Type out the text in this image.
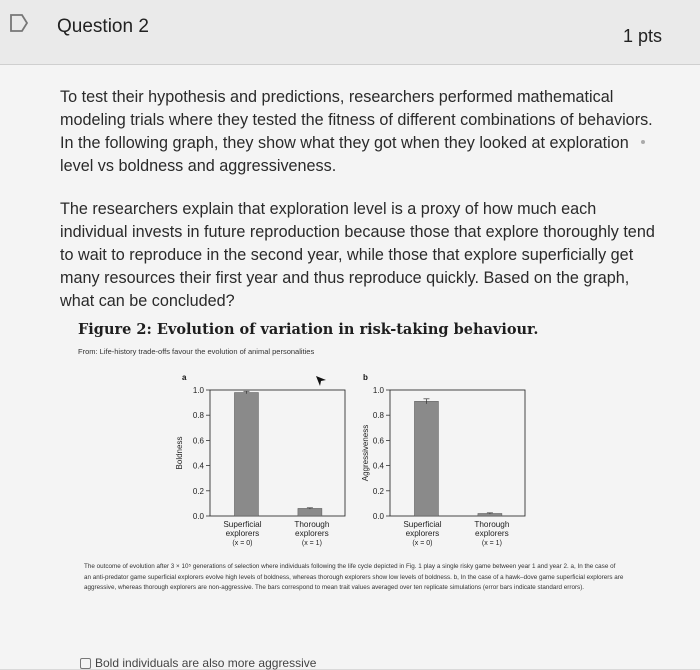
Question 2	1 pts
To test their hypothesis and predictions, researchers performed mathematical modeling trials where they tested the fitness of different combinations of behaviors. In the following graph, they show what they got when they looked at exploration level vs boldness and aggressiveness.
The researchers explain that exploration level is a proxy of how much each individual invests in future reproduction because those that explore thoroughly tend to wait to reproduce in the second year, while those that explore superficially get many resources their first year and thus reproduce quickly. Based on the graph, what can be concluded?
Figure 2: Evolution of variation in risk-taking behaviour.
From: Life-history trade-offs favour the evolution of animal personalities
a
1.0
0.8
0.6
0.4
0.2
0.0
Boldness
Superficial
explorers
(x = 0)
Thorough
explorers
(x = 1)
b
1.0
0.8
0.6
0.4
0.2
0.0
Aggressiveness
Superficial
explorers
(x = 0)
Thorough
explorers
(x = 1)
The outcome of evolution after 3 × 10⁵ generations of selection where individuals following the life cycle depicted in Fig. 1 play a single risky game between year 1 and year 2. a, In the case of an anti-predator game superficial explorers evolve high levels of boldness, whereas thorough explorers show low levels of boldness. b, In the case of a hawk–dove game superficial explorers are aggressive, whereas thorough explorers are non-aggressive. The bars correspond to mean trait values averaged over ten replicate simulations (error bars indicate standard errors).
Bold individuals are also more aggressive
